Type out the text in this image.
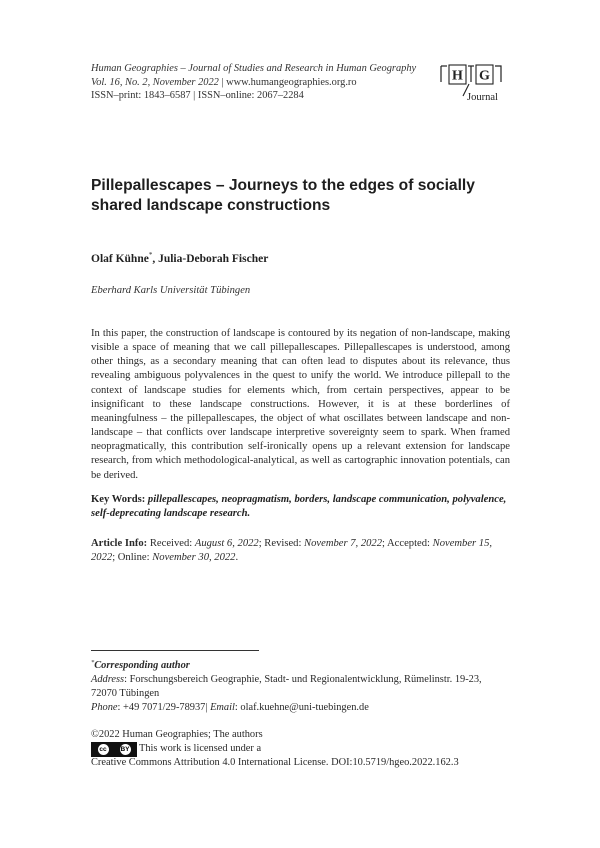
Human Geographies – Journal of Studies and Research in Human Geography
Vol. 16, No. 2, November 2022 | www.humangeographies.org.ro
ISSN–print: 1843–6587 | ISSN–online: 2067–2284
H G
Journal
Pillepallescapes – Journeys to the edges of socially shared landscape constructions
Olaf Kühne*, Julia-Deborah Fischer
Eberhard Karls Universität Tübingen

In this paper, the construction of landscape is contoured by its negation of non-landscape, making visible a space of meaning that we call pillepallescapes. Pillepallescapes is understood, among other things, as a secondary meaning that can often lead to disputes about its relevance, thus revealing ambiguous polyvalences in the quest to unify the world. We introduce pillepall to the context of landscape studies for elements which, from certain perspectives, appear to be insignificant to these landscape constructions. However, it is at these borderlines of meaningfulness – the pillepallescapes, the object of what oscillates between landscape and non-landscape – that conflicts over landscape interpretive sovereignty seem to spark. When framed neopragmatically, this contribution self-ironically opens up a relevant extension for landscape research, from which methodological-analytical, as well as cartographic innovation potentials, can be derived.

Key Words: pillepallescapes, neopragmatism, borders, landscape communication, polyvalence, self-deprecating landscape research.

Article Info: Received: August 6, 2022; Revised: November 7, 2022; Accepted: November 15, 2022; Online: November 30, 2022.

*Corresponding author
Address: Forschungsbereich Geographie, Stadt- und Regionalentwicklung, Rümelinstr. 19-23, 72070 Tübingen
Phone: +49 7071/29-78937| Email: olaf.kuehne@uni-tuebingen.de
©2022 Human Geographies; The authors
cc BY This work is licensed under a
Creative Commons Attribution 4.0 International License. DOI:10.5719/hgeo.2022.162.3
